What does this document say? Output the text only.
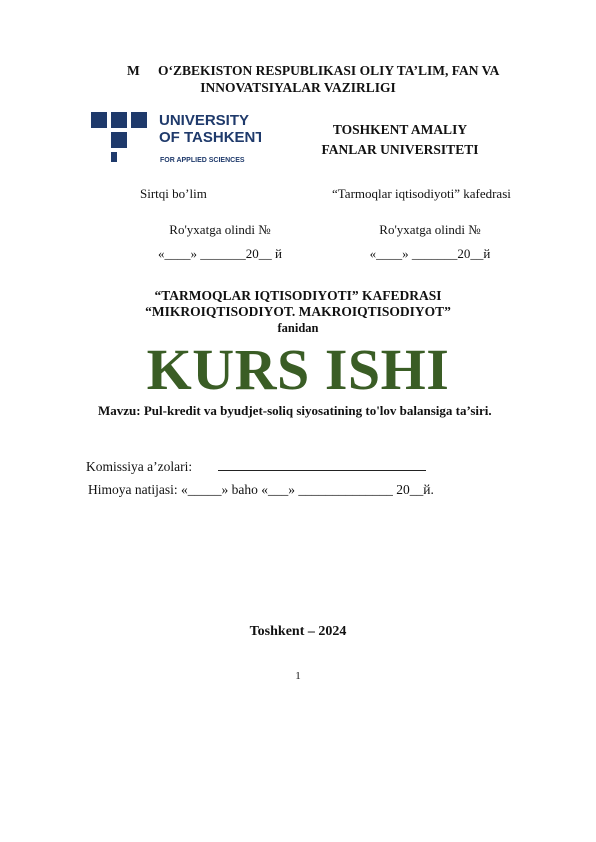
M O‘ZBEKISTON RESPUBLIKASI OLIY TA’LIM, FAN VA
INNOVATSIYALAR VAZIRLIGI
UNIVERSITY
OF TASHKENT
FOR APPLIED SCIENCES
TOSHKENT AMALIY
FANLAR UNIVERSITETI
Sirtqi bo’lim	“Tarmoqlar iqtisodiyoti” kafedrasi
Ro'yxatga olindi №
«____» _______20__ й
Ro'yxatga olindi №
«____» _______20__й
“TARMOQLAR IQTISODIYOTI” KAFEDRASI
“MIKROIQTISODIYOT. MAKROIQTISODIYOT”
fanidan
KURS ISHI
Mavzu: Pul-kredit va byudjet-soliq siyosatining to'lov balansiga ta’siri.
Komissiya a’zolari:
Himoya natijasi: «_____» baho «___» ______________ 20__й.
Toshkent – 2024
1
